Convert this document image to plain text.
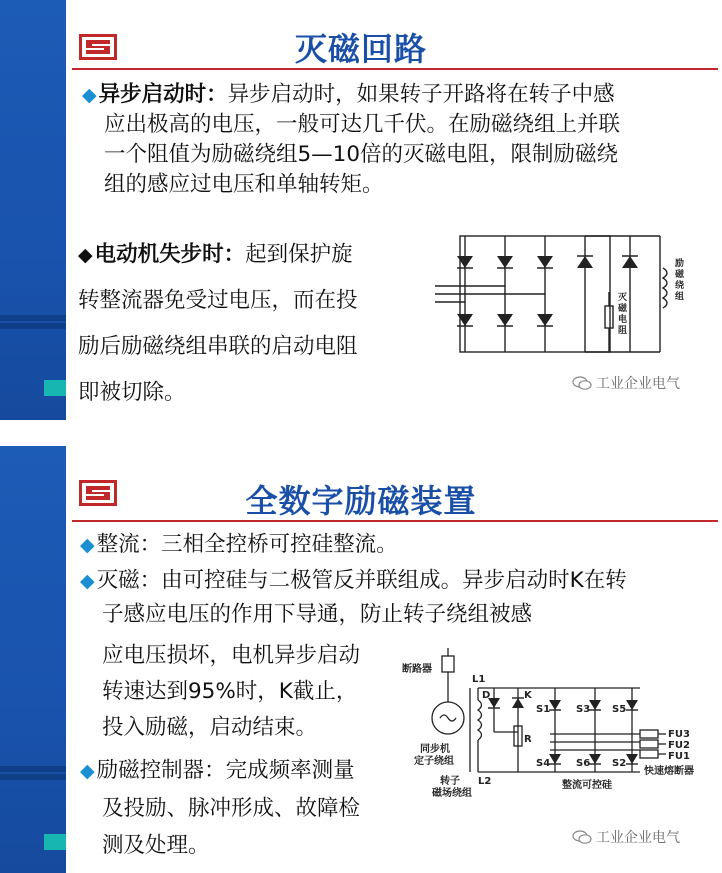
灭磁回路
◆异步启动时：异步启动时，如果转子开路将在转子中感
应出极高的电压，一般可达几千伏。在励磁绕组上并联
一个阻值为励磁绕组5—10倍的灭磁电阻，限制励磁绕
组的感应过电压和单轴转矩。
◆电动机失步时：起到保护旋
转整流器免受过电压，而在投
励后励磁绕组串联的启动电阻
即被切除。
灭
磁
电
阻
励
磁
绕
组
工业企业电气
全数字励磁装置
◆整流：三相全控桥可控硅整流。
◆灭磁：由可控硅与二极管反并联组成。异步启动时K在转
子感应电压的作用下导通，防止转子绕组被感
应电压损坏，电机异步启动
转速达到95%时，K截止，
投入励磁，启动结束。
◆励磁控制器：完成频率测量
及投励、脉冲形成、故障检
测及处理。
断路器
同步机
定子绕组
转子
磁场绕组
L1
L2
D	K
R
S1	S3 S5
S4	S6 S2
FU3
FU2
FU1
快速熔断器
整流可控硅
工业企业电气
